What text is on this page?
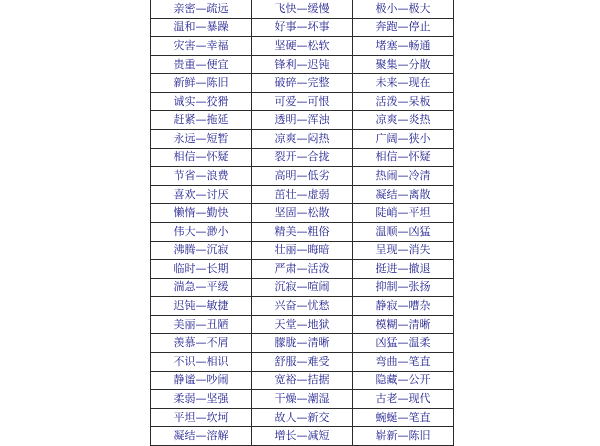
亲密—疏远	飞快—缓慢	极小—极大
温和—暴躁	好事—坏事	奔跑—停止
灾害—幸福	坚硬—松软	堵塞—畅通
贵重—便宜	锋利—迟钝	聚集—分散
新鲜—陈旧	破碎—完整	未来—现在
诚实—狡猾	可爱—可恨	活泼—呆板
赶紧—拖延	透明—浑浊	凉爽—炎热
永远—短暂	凉爽—闷热	广阔—狭小
相信—怀疑	裂开—合拢	相信—怀疑
节省—浪费	高明—低劣	热闹—冷清
喜欢—讨厌	茁壮—虚弱	凝结—离散
懒惰—勤快	坚固—松散	陡峭—平坦
伟大—渺小	精美—粗俗	温顺—凶猛
沸腾—沉寂	壮丽—晦暗	呈现—消失
临时—长期	严肃—活泼	挺进—撤退
湍急—平缓	沉寂—喧闹	抑制—张扬
迟钝—敏捷	兴奋—忧愁	静寂—嘈杂
美丽—丑陋	天堂—地狱	模糊—清晰
羡慕—不屑	朦胧—清晰	凶猛—温柔
不识—相识	舒服—难受	弯曲—笔直
静谧—吵闹	宽裕—拮据	隐藏—公开
柔弱—坚强	干燥—潮湿	古老—现代
平坦—坎坷	故人—新交	蜿蜒—笔直
凝结—溶解	增长—减短	崭新—陈旧
